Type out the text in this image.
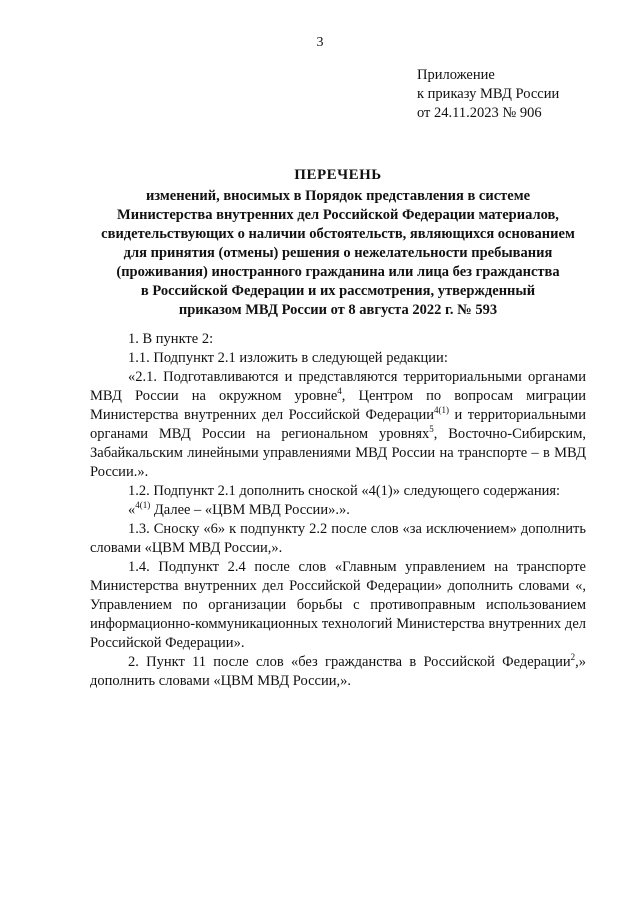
3
Приложение
к приказу МВД России
от 24.11.2023 № 906
ПЕРЕЧЕНЬ
изменений, вносимых в Порядок представления в системе
Министерства внутренних дел Российской Федерации материалов,
свидетельствующих о наличии обстоятельств, являющихся основанием
для принятия (отмены) решения о нежелательности пребывания
(проживания) иностранного гражданина или лица без гражданства
в Российской Федерации и их рассмотрения, утвержденный
приказом МВД России от 8 августа 2022 г. № 593

1. В пункте 2:

1.1. Подпункт 2.1 изложить в следующей редакции:

«2.1. Подготавливаются и представляются территориальными органами МВД России на окружном уровне$^4$, Центром по вопросам миграции Министерства внутренних дел Российской Федерации$^{4(1)}$ и территориальными органами МВД России на региональном уровнях$^5$, Восточно-Сибирским, Забайкальским линейными управлениями МВД России на транспорте – в МВД России.».

1.2. Подпункт 2.1 дополнить сноской «4(1)» следующего содержания:

«$^{4(1)}$ Далее – «ЦВМ МВД России».».

1.3. Сноску «6» к подпункту 2.2 после слов «за исключением» дополнить словами «ЦВМ МВД России,».

1.4. Подпункт 2.4 после слов «Главным управлением на транспорте Министерства внутренних дел Российской Федерации» дополнить словами «, Управлением по организации борьбы с противоправным использованием информационно-коммуникационных технологий Министерства внутренних дел Российской Федерации».

2. Пункт 11 после слов «без гражданства в Российской Федерации$^2$,» дополнить словами «ЦВМ МВД России,».
